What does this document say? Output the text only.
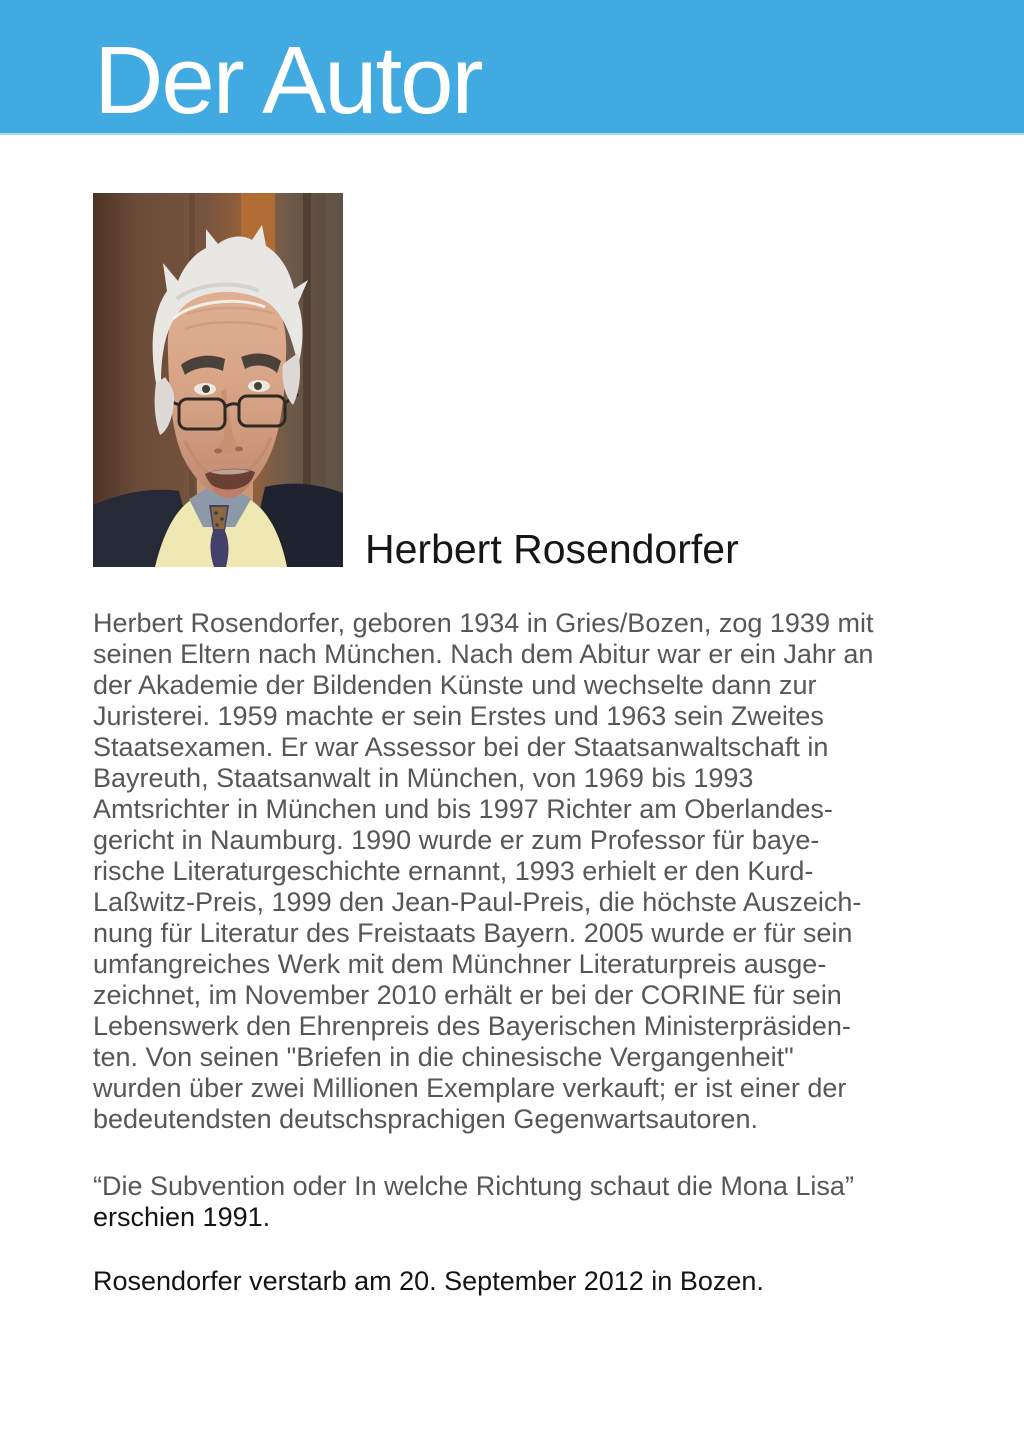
Der Autor
Herbert Rosendorfer
Herbert Rosendorfer, geboren 1934 in Gries/Bozen, zog 1939 mit
seinen Eltern nach München. Nach dem Abitur war er ein Jahr an
der Akademie der Bildenden Künste und wechselte dann zur
Juristerei. 1959 machte er sein Erstes und 1963 sein Zweites
Staatsexamen. Er war Assessor bei der Staatsanwaltschaft in
Bayreuth, Staatsanwalt in München, von 1969 bis 1993
Amtsrichter in München und bis 1997 Richter am Oberlandes-
gericht in Naumburg. 1990 wurde er zum Professor für baye-
rische Literaturgeschichte ernannt, 1993 erhielt er den Kurd-
Laßwitz-Preis, 1999 den Jean-Paul-Preis, die höchste Auszeich-
nung für Literatur des Freistaats Bayern. 2005 wurde er für sein
umfangreiches Werk mit dem Münchner Literaturpreis ausge-
zeichnet, im November 2010 erhält er bei der CORINE für sein
Lebenswerk den Ehrenpreis des Bayerischen Ministerpräsiden-
ten. Von seinen "Briefen in die chinesische Vergangenheit"
wurden über zwei Millionen Exemplare verkauft; er ist einer der
bedeutendsten deutschsprachigen Gegenwartsautoren.
“Die Subvention oder In welche Richtung schaut die Mona Lisa”
erschien 1991.
Rosendorfer verstarb am 20. September 2012 in Bozen.
